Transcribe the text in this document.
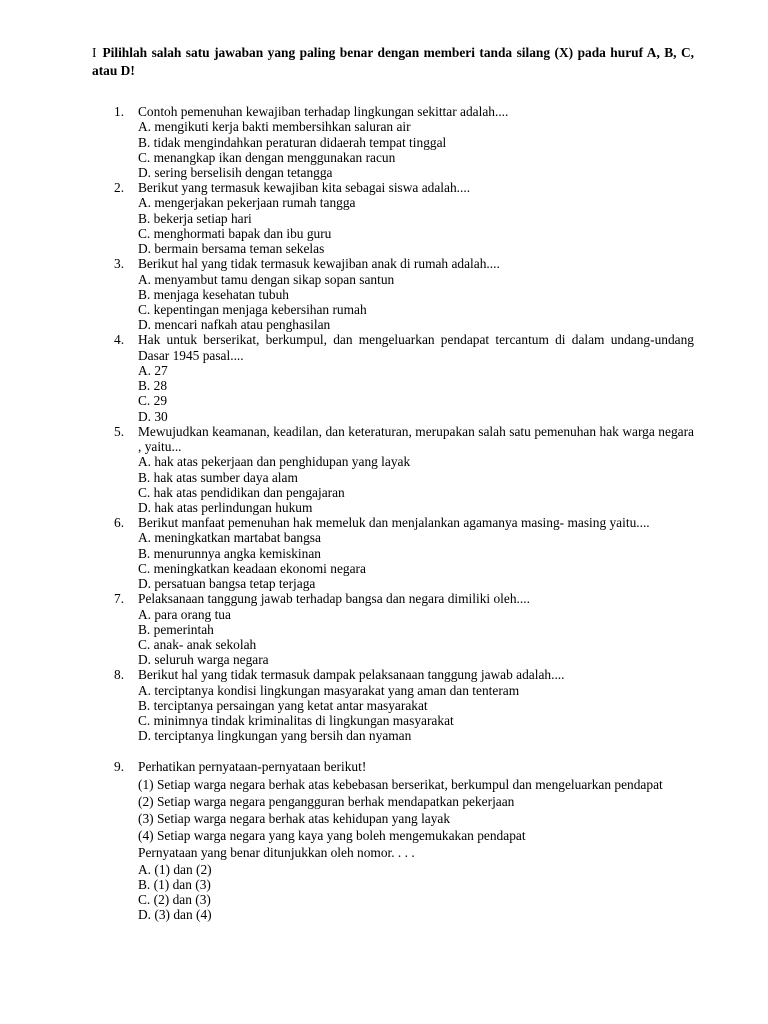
I Pilihlah salah satu jawaban yang paling benar dengan memberi tanda silang (X) pada huruf A, B, C, atau D!
1. Contoh pemenuhan kewajiban terhadap lingkungan sekittar adalah....
A. mengikuti kerja bakti membersihkan saluran air
B. tidak mengindahkan peraturan didaerah tempat tinggal
C. menangkap ikan dengan menggunakan racun
D. sering berselisih dengan tetangga
2. Berikut yang termasuk kewajiban kita sebagai siswa adalah....
A. mengerjakan pekerjaan rumah tangga
B. bekerja setiap hari
C. menghormati bapak dan ibu guru
D. bermain bersama teman sekelas
3. Berikut hal yang tidak termasuk kewajiban anak di rumah adalah....
A. menyambut tamu dengan sikap sopan santun
B. menjaga kesehatan tubuh
C. kepentingan menjaga kebersihan rumah
D. mencari nafkah atau penghasilan
4. Hak untuk berserikat, berkumpul, dan mengeluarkan pendapat tercantum di dalam undang-undang Dasar 1945 pasal....
A. 27
B. 28
C. 29
D. 30
5. Mewujudkan keamanan, keadilan, dan keteraturan, merupakan salah satu pemenuhan hak warga negara , yaitu...
A. hak atas pekerjaan dan penghidupan yang layak
B. hak atas sumber daya alam
C. hak atas pendidikan dan pengajaran
D. hak atas perlindungan hukum
6. Berikut manfaat pemenuhan hak memeluk dan menjalankan agamanya masing- masing yaitu....
A. meningkatkan martabat bangsa
B. menurunnya angka kemiskinan
C. meningkatkan keadaan ekonomi negara
D. persatuan bangsa tetap terjaga
7. Pelaksanaan tanggung jawab terhadap bangsa dan negara dimiliki oleh....
A. para orang tua
B. pemerintah
C. anak- anak sekolah
D. seluruh warga negara
8. Berikut hal yang tidak termasuk dampak pelaksanaan tanggung jawab adalah....
A. terciptanya kondisi lingkungan masyarakat yang aman dan tenteram
B. terciptanya persaingan yang ketat antar masyarakat
C. minimnya tindak kriminalitas di lingkungan masyarakat
D. terciptanya lingkungan yang bersih dan nyaman
9. Perhatikan pernyataan-pernyataan berikut!
(1) Setiap warga negara berhak atas kebebasan berserikat, berkumpul dan mengeluarkan pendapat
(2) Setiap warga negara pengangguran berhak mendapatkan pekerjaan
(3) Setiap warga negara berhak atas kehidupan yang layak
(4) Setiap warga negara yang kaya yang boleh mengemukakan pendapat
Pernyataan yang benar ditunjukkan oleh nomor. . . .
A. (1) dan (2)
B. (1) dan (3)
C. (2) dan (3)
D. (3) dan (4)
